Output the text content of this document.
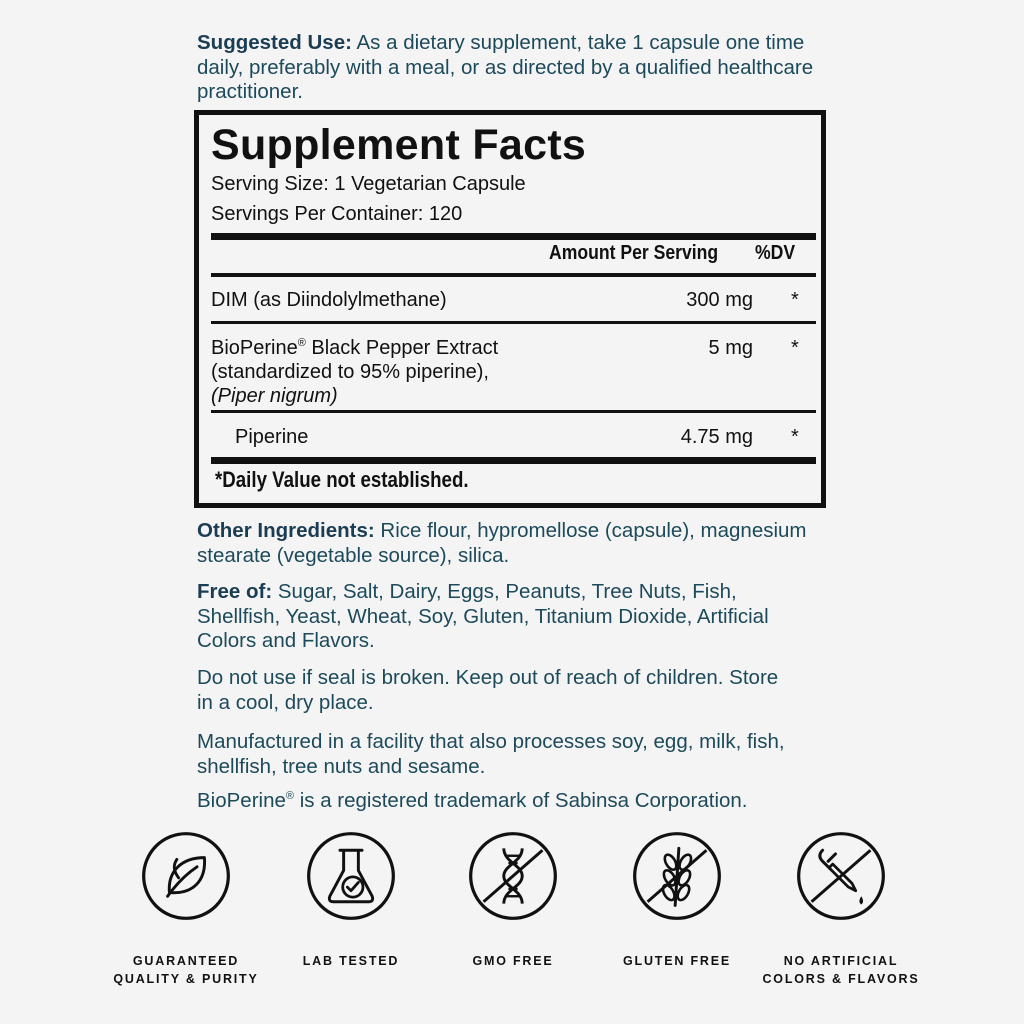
Suggested Use: As a dietary supplement, take 1 capsule one time daily, preferably with a meal, or as directed by a qualified healthcare practitioner.
Supplement Facts
Serving Size: 1 Vegetarian Capsule
Servings Per Container: 120
Amount Per Serving %DV
DIM (as Diindolylmethane)	300 mg *
BioPerine® Black Pepper Extract
(standardized to 95% piperine),
(Piper nigrum)
5 mg *
Piperine	4.75 mg *
*Daily Value not established.
Other Ingredients: Rice flour, hypromellose (capsule), magnesium stearate (vegetable source), silica.
Free of: Sugar, Salt, Dairy, Eggs, Peanuts, Tree Nuts, Fish, Shellfish, Yeast, Wheat, Soy, Gluten, Titanium Dioxide, Artificial Colors and Flavors.
Do not use if seal is broken. Keep out of reach of children. Store in a cool, dry place.
Manufactured in a facility that also processes soy, egg, milk, fish, shellfish, tree nuts and sesame.
BioPerine® is a registered trademark of Sabinsa Corporation.
GUARANTEED
QUALITY & PURITY
LAB TESTED	GMO FREE	GLUTEN FREE	NO ARTIFICIAL
COLORS & FLAVORS
